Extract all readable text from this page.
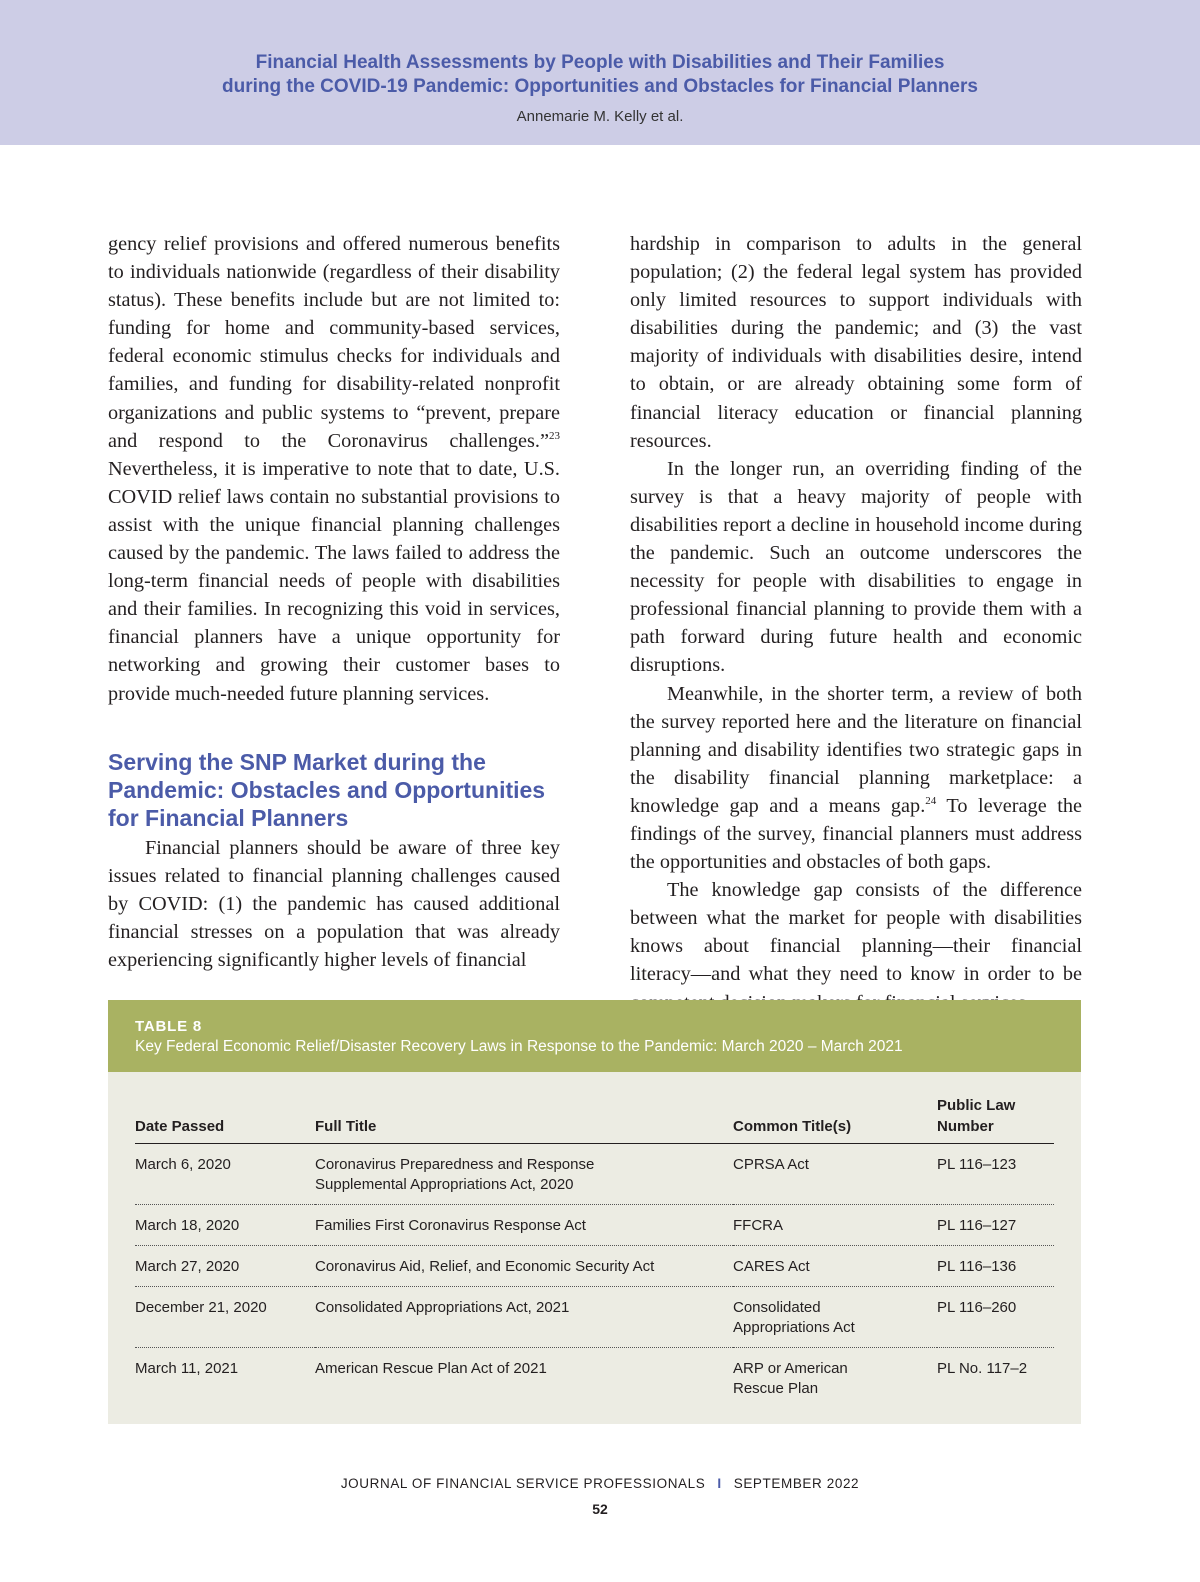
Financial Health Assessments by People with Disabilities and Their Families
during the COVID-19 Pandemic: Opportunities and Obstacles for Financial Planners
Annemarie M. Kelly et al.

gency relief provisions and offered numerous benefits to individuals nationwide (regardless of their disability status). These benefits include but are not limited to: funding for home and community-based services, federal economic stimulus checks for individuals and families, and funding for disability-related nonprofit organizations and public systems to “prevent, prepare and respond to the Coronavirus challenges.”$^{23}$ Nevertheless, it is imperative to note that to date, U.S. COVID relief laws contain no substantial provisions to assist with the unique financial planning challenges caused by the pandemic. The laws failed to address the long-term financial needs of people with disabilities and their families. In recognizing this void in services, financial planners have a unique opportunity for networking and growing their customer bases to provide much-needed future planning services.

Serving the SNP Market during the Pandemic: Obstacles and Opportunities for Financial Planners

Financial planners should be aware of three key issues related to financial planning challenges caused by COVID: (1) the pandemic has caused additional financial stresses on a population that was already experiencing significantly higher levels of financial

hardship in comparison to adults in the general population; (2) the federal legal system has provided only limited resources to support individuals with disabilities during the pandemic; and (3) the vast majority of individuals with disabilities desire, intend to obtain, or are already obtaining some form of financial literacy education or financial planning resources.

In the longer run, an overriding finding of the survey is that a heavy majority of people with disabilities report a decline in household income during the pandemic. Such an outcome underscores the necessity for people with disabilities to engage in professional financial planning to provide them with a path forward during future health and economic disruptions.

Meanwhile, in the shorter term, a review of both the survey reported here and the literature on financial planning and disability identifies two strategic gaps in the disability financial planning marketplace: a knowledge gap and a means gap.$^{24}$ To leverage the findings of the survey, financial planners must address the opportunities and obstacles of both gaps.

The knowledge gap consists of the difference between what the market for people with disabilities knows about financial planning—their financial literacy—and what they need to know in order to be

TABLE 8
Key Federal Economic Relief/Disaster Recovery Laws in Response to the Pandemic: March 2020 – March 2021
Date Passed	Full Title	Common Title(s)	Public Law
Number
March 6, 2020	Coronavirus Preparedness and Response
Supplemental Appropriations Act, 2020	CPRSA Act	PL 116–123
March 18, 2020	Families First Coronavirus Response Act	FFCRA	PL 116–127
March 27, 2020	Coronavirus Aid, Relief, and Economic Security Act	CARES Act	PL 116–136
December 21, 2020	Consolidated Appropriations Act, 2021	Consolidated
Appropriations Act	PL 116–260
March 11, 2021	American Rescue Plan Act of 2021	ARP or American
Rescue Plan	PL No. 117–2
JOURNAL OF FINANCIAL SERVICE PROFESSIONALS I SEPTEMBER 2022
52
